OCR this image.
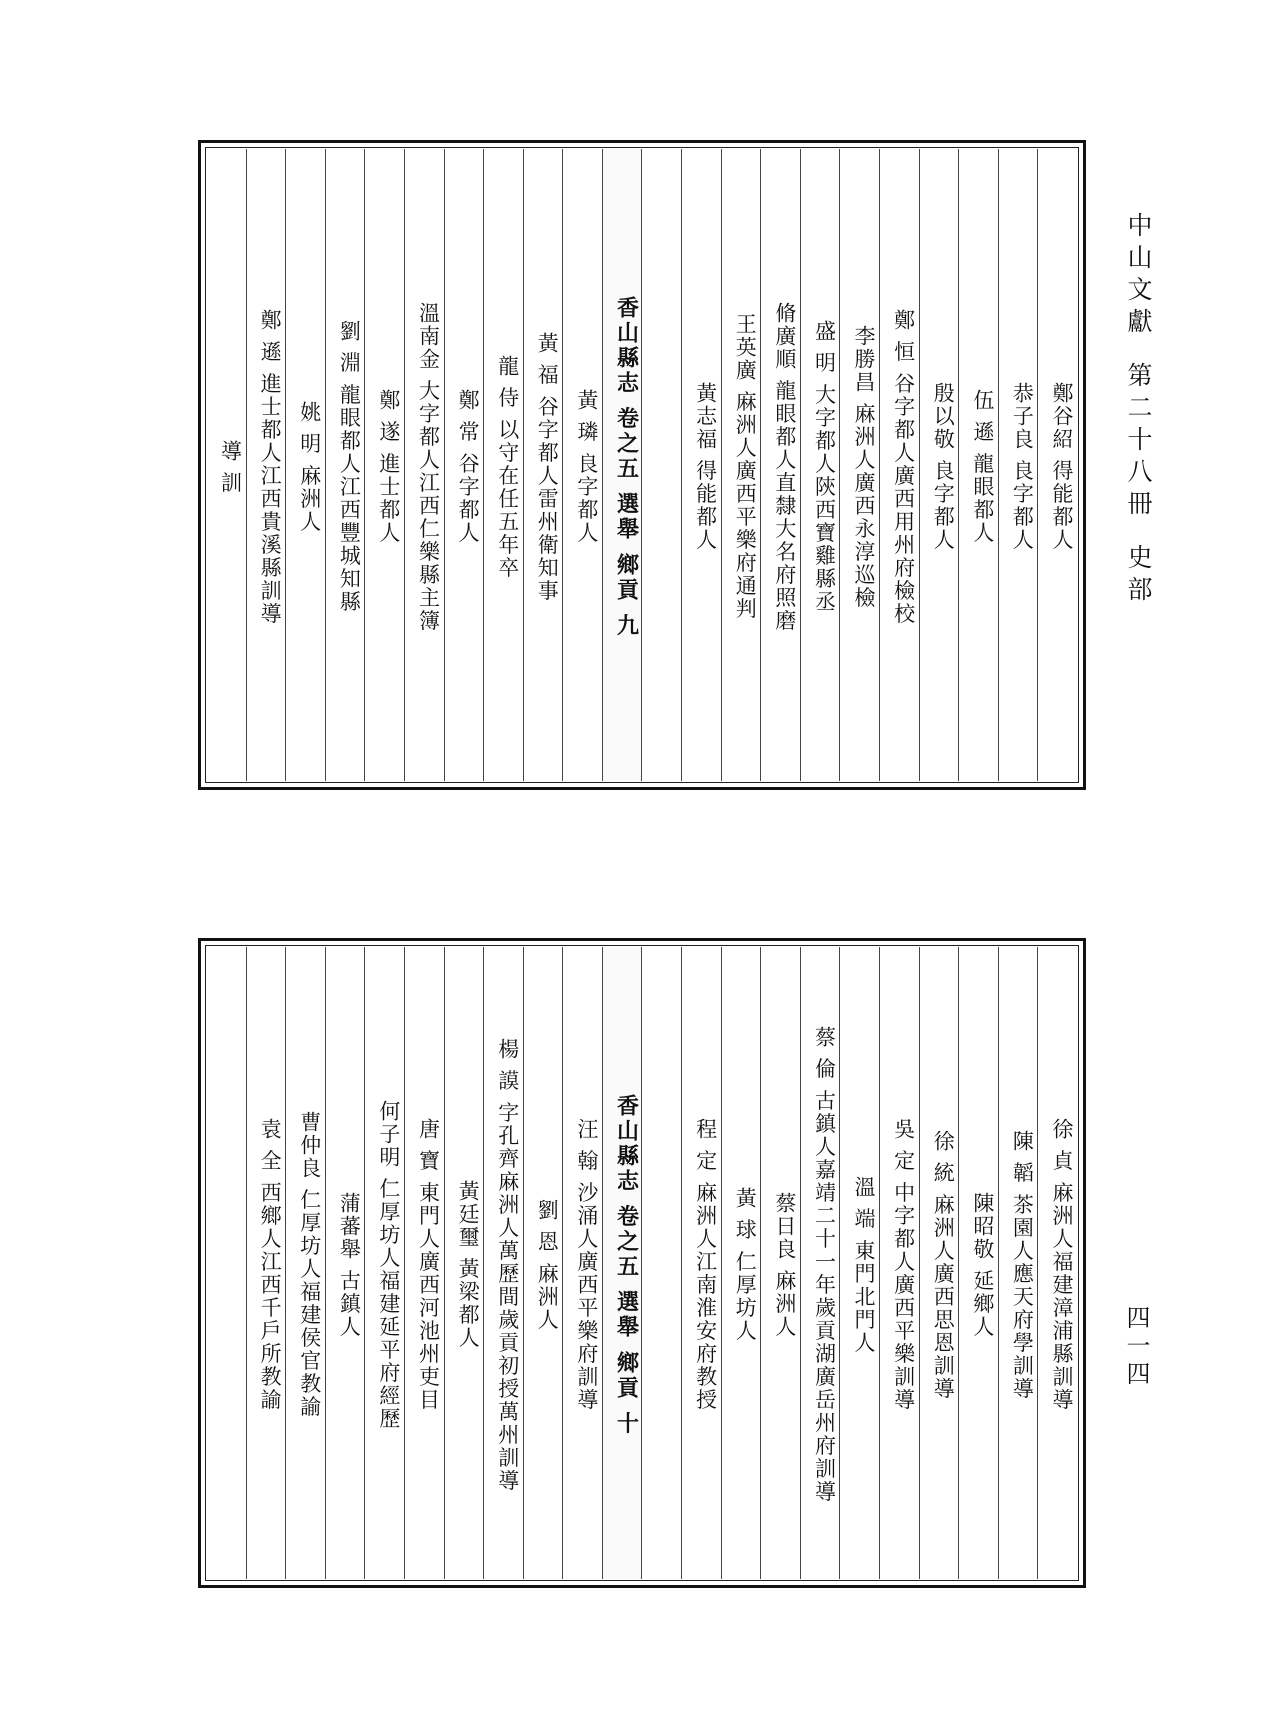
中山文獻第二十八冊史部
鄭谷紹 得能都人
恭子良 良字都人
伍 遜 龍眼都人
殷以敬 良字都人
鄭 恒 谷字都人廣西用州府檢校
李勝昌 麻洲人廣西永淳巡檢
盛 明 大字都人陝西寶雞縣丞
脩廣順 龍眼都人直隸大名府照磨
王英廣 麻洲人廣西平樂府通判
黃志福 得能都人
香山縣志 卷之五 選舉 鄉貢 九
黃 璘 良字都人
黃 福 谷字都人雷州衛知事
龍 侍 以守在任五年卒
鄭 常 谷字都人
溫南金 大字都人江西仁樂縣主簿
鄭 遂 進士都人
劉 淵 龍眼都人江西豐城知縣
姚 明 麻洲人
鄭 遜 進士都人江西貴溪縣訓導
導 訓
徐 貞 麻洲人福建漳浦縣訓導
陳 韜 茶園人應天府學訓導
陳昭敬 延鄉人
徐 統 麻洲人廣西思恩訓導
吳 定 中字都人廣西平樂訓導
溫 端 東門北門人
蔡 倫 古鎮人嘉靖二十一年歲貢湖廣岳州府訓導
蔡日良 麻洲人
黃 球 仁厚坊人
程 定 麻洲人江南淮安府教授
香山縣志 卷之五 選舉 鄉貢 十
汪 翰 沙涌人廣西平樂府訓導
劉 恩 麻洲人
楊 謨 字孔齊麻洲人萬歷間歲貢初授萬州訓導
黃廷璽 黃梁都人
唐 寶 東門人廣西河池州吏目
何子明 仁厚坊人福建延平府經歷
蒲蕃舉 古鎮人
曹仲良 仁厚坊人福建侯官教諭
袁 全 西鄉人江西千戶所教諭	四一四
